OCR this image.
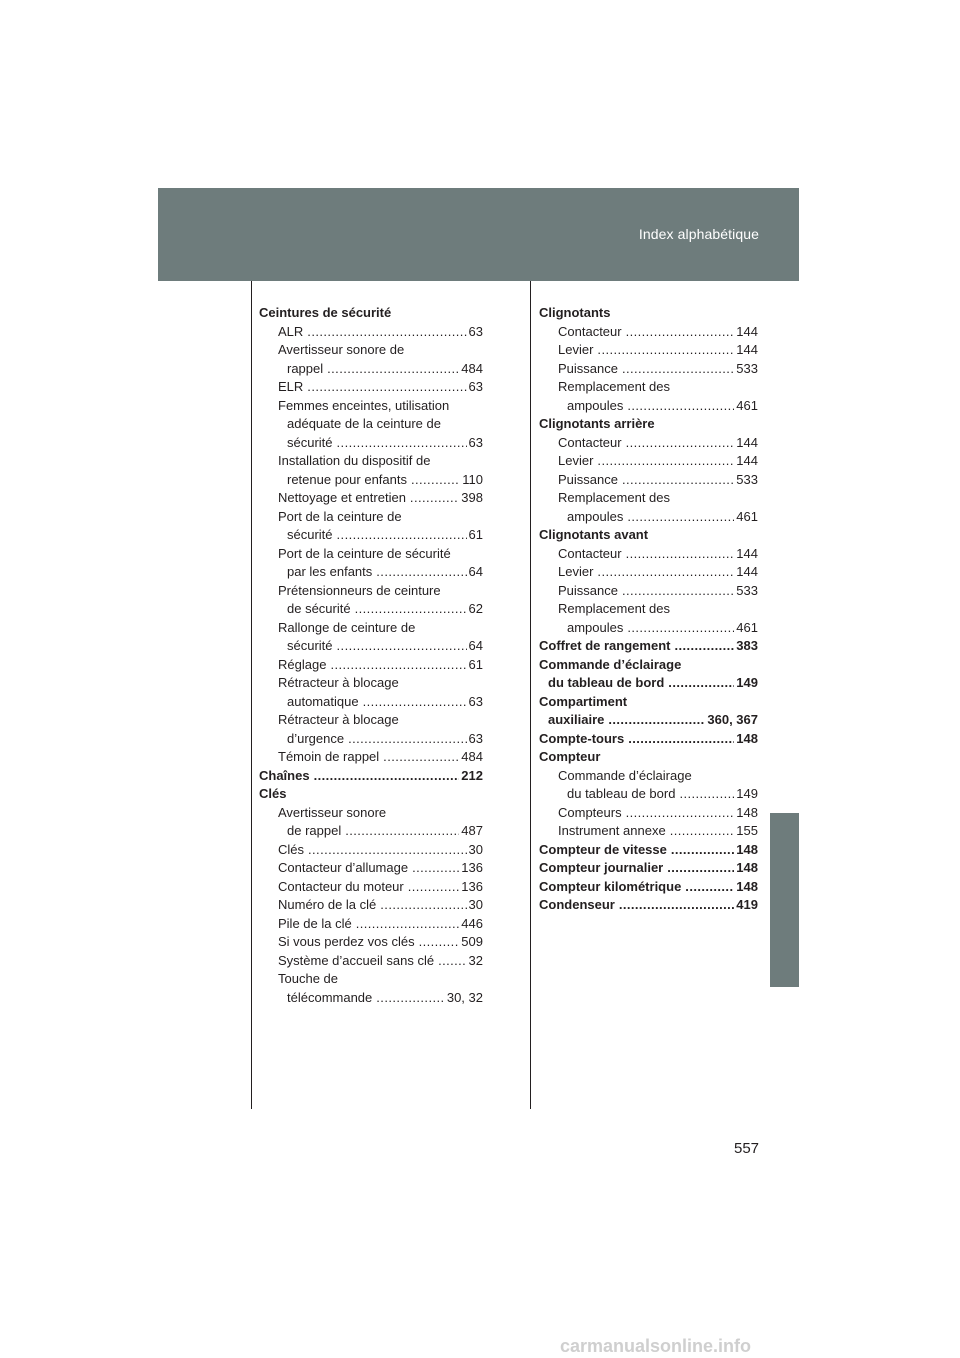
Index alphabétique
Ceintures de sécurité
ALR .....	63
Avertisseur sonore de
rappel .....	484
ELR .....	63
Femmes enceintes, utilisation
adéquate de la ceinture de
sécurité .....	63
Installation du dispositif de
retenue pour enfants .....	110
Nettoyage et entretien .....	398
Port de la ceinture de
sécurité .....	61
Port de la ceinture de sécurité
par les enfants .....	64
Prétensionneurs de ceinture
de sécurité .....	62
Rallonge de ceinture de
sécurité .....	64
Réglage .....	61
Rétracteur à blocage
automatique .....	63
Rétracteur à blocage
d’urgence .....	63
Témoin de rappel .....	484
Chaînes .....	212
Clés
Avertisseur sonore
de rappel .....	487
Clés .....	30
Contacteur d’allumage .....	136
Contacteur du moteur .....	136
Numéro de la clé .....	30
Pile de la clé .....	446
Si vous perdez vos clés .....	509
Système d’accueil sans clé .....	32
Touche de
télécommande .....	30, 32
Clignotants
Contacteur .....	144
Levier .....	144
Puissance .....	533
Remplacement des
ampoules .....	461
Clignotants arrière
Contacteur .....	144
Levier .....	144
Puissance .....	533
Remplacement des
ampoules .....	461
Clignotants avant
Contacteur .....	144
Levier .....	144
Puissance .....	533
Remplacement des
ampoules .....	461
Coffret de rangement .....	383
Commande d’éclairage
du tableau de bord .....	149
Compartiment
auxiliaire .....	360, 367
Compte-tours .....	148
Compteur
Commande d’éclairage
du tableau de bord .....	149
Compteurs .....	148
Instrument annexe .....	155
Compteur de vitesse .....	148
Compteur journalier .....	148
Compteur kilométrique .....	148
Condenseur .....	419
557
carmanualsonline.info
